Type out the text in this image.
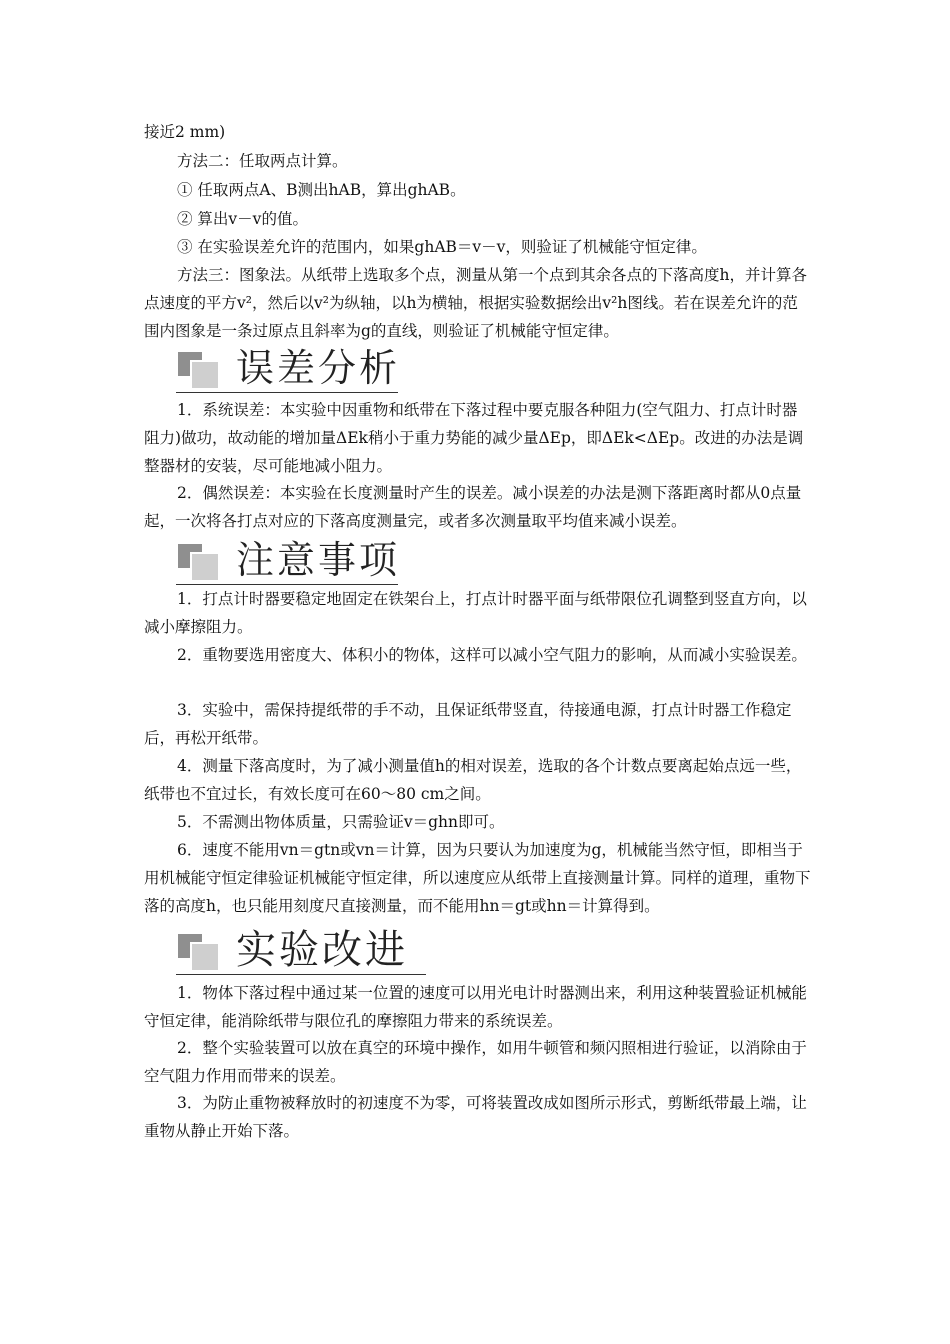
接近2 mm)

方法二：任取两点计算。

① 任取两点A、B测出hAB，算出ghAB。

② 算出v－v的值。

③ 在实验误差允许的范围内，如果ghAB＝v－v，则验证了机械能守恒定律。

方法三：图象法。从纸带上选取多个点，测量从第一个点到其余各点的下落高度h，并计算各点速度的平方v²，然后以v²为纵轴，以h为横轴，根据实验数据绘出v²h图线。若在误差允许的范围内图象是一条过原点且斜率为g的直线，则验证了机械能守恒定律。

误差分析

1．系统误差：本实验中因重物和纸带在下落过程中要克服各种阻力(空气阻力、打点计时器阻力)做功，故动能的增加量ΔEk稍小于重力势能的减少量ΔEp，即ΔEk<ΔEp。改进的办法是调整器材的安装，尽可能地减小阻力。

2．偶然误差：本实验在长度测量时产生的误差。减小误差的办法是测下落距离时都从0点量起，一次将各打点对应的下落高度测量完，或者多次测量取平均值来减小误差。

注意事项

1．打点计时器要稳定地固定在铁架台上，打点计时器平面与纸带限位孔调整到竖直方向，以减小摩擦阻力。

2．重物要选用密度大、体积小的物体，这样可以减小空气阻力的影响，从而减小实验误差。

3．实验中，需保持提纸带的手不动，且保证纸带竖直，待接通电源，打点计时器工作稳定后，再松开纸带。

4．测量下落高度时，为了减小测量值h的相对误差，选取的各个计数点要离起始点远一些，纸带也不宜过长，有效长度可在60～80 cm之间。

5．不需测出物体质量，只需验证v＝ghn即可。

6．速度不能用vn＝gtn或vn＝计算，因为只要认为加速度为g，机械能当然守恒，即相当于用机械能守恒定律验证机械能守恒定律，所以速度应从纸带上直接测量计算。同样的道理，重物下落的高度h，也只能用刻度尺直接测量，而不能用hn＝gt或hn＝计算得到。

实验改进

1．物体下落过程中通过某一位置的速度可以用光电计时器测出来，利用这种装置验证机械能守恒定律，能消除纸带与限位孔的摩擦阻力带来的系统误差。

2．整个实验装置可以放在真空的环境中操作，如用牛顿管和频闪照相进行验证，以消除由于空气阻力作用而带来的误差。

3．为防止重物被释放时的初速度不为零，可将装置改成如图所示形式，剪断纸带最上端，让重物从静止开始下落。
